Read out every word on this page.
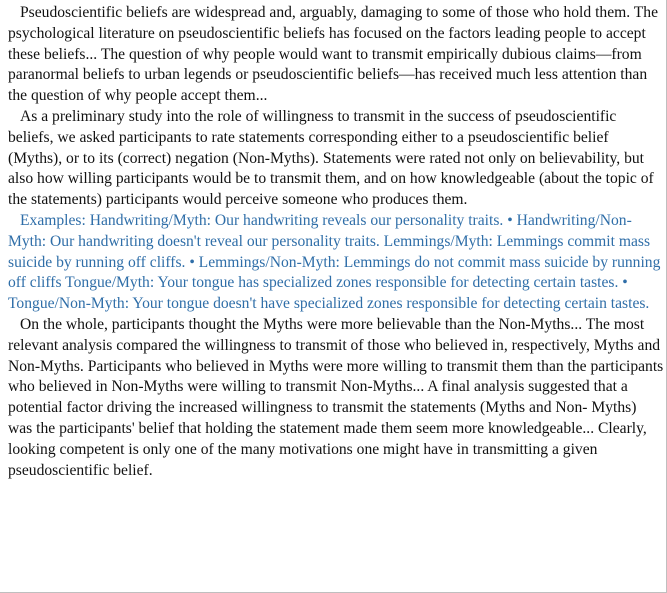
Pseudoscientific beliefs are widespread and, arguably, damaging to some of those who hold them. The psychological literature on pseudoscientific beliefs has focused on the factors leading people to accept these beliefs... The question of why people would want to transmit empirically dubious claims—from paranormal beliefs to urban legends or pseudoscientific beliefs—has received much less attention than the question of why people accept them...

As a preliminary study into the role of willingness to transmit in the success of pseudoscientific beliefs, we asked participants to rate statements corresponding either to a pseudoscientific belief (Myths), or to its (correct) negation (Non-Myths). Statements were rated not only on believability, but also how willing participants would be to transmit them, and on how knowledgeable (about the topic of the statements) participants would perceive someone who produces them.

Examples: Handwriting/Myth: Our handwriting reveals our personality traits. • Handwriting/Non-Myth: Our handwriting doesn't reveal our personality traits. Lemmings/Myth: Lemmings commit mass suicide by running off cliffs. • Lemmings/Non-Myth: Lemmings do not commit mass suicide by running off cliffs Tongue/Myth: Your tongue has specialized zones responsible for detecting certain tastes. • Tongue/Non-Myth: Your tongue doesn't have specialized zones responsible for detecting certain tastes.

On the whole, participants thought the Myths were more believable than the Non-Myths... The most relevant analysis compared the willingness to transmit of those who believed in, respectively, Myths and Non-Myths. Participants who believed in Myths were more willing to transmit them than the participants who believed in Non-Myths were willing to transmit Non-Myths... A final analysis suggested that a potential factor driving the increased willingness to transmit the statements (Myths and Non- Myths) was the participants' belief that holding the statement made them seem more knowledgeable... Clearly, looking competent is only one of the many motivations one might have in transmitting a given pseudoscientific belief.
